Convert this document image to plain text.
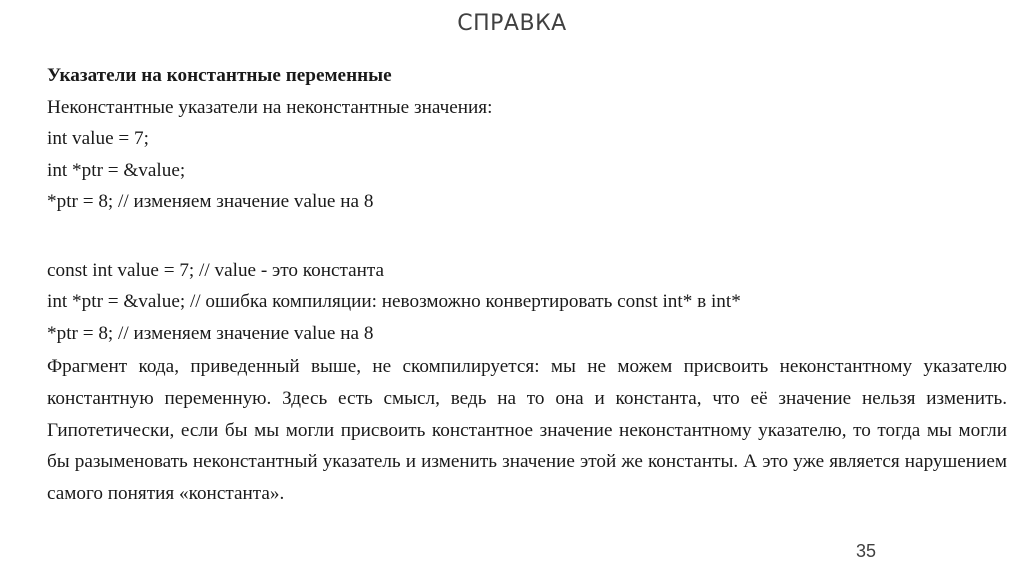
СПРАВКА
Указатели на константные переменные
Неконстантные указатели на неконстантные значения:
int value = 7;
int *ptr = &value;
*ptr = 8; // изменяем значение value на 8
const int value = 7; // value - это константа
int *ptr = &value; // ошибка компиляции: невозможно конвертировать const int* в int*
*ptr = 8; // изменяем значение value на 8
Фрагмент кода, приведенный выше, не скомпилируется: мы не можем присвоить неконстантному указателю константную переменную. Здесь есть смысл, ведь на то она и константа, что её значение нельзя изменить. Гипотетически, если бы мы могли присвоить константное значение неконстантному указателю, то тогда мы могли бы разыменовать неконстантный указатель и изменить значение этой же константы. А это уже является нарушением самого понятия «константа».
35
